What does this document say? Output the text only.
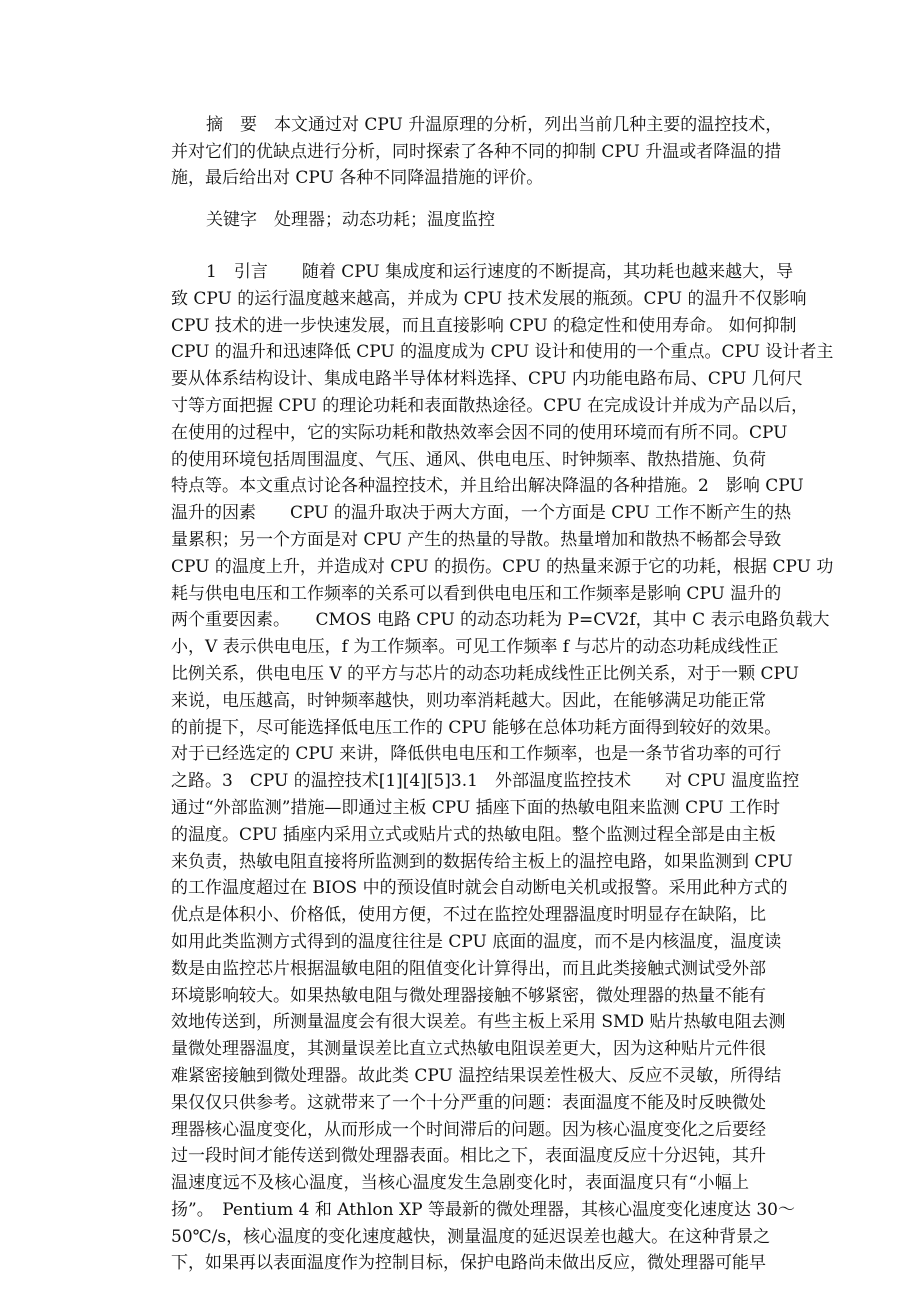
摘　要　本文通过对 CPU 升温原理的分析，列出当前几种主要的温控技术，
并对它们的优缺点进行分析，同时探索了各种不同的抑制 CPU 升温或者降温的措
施，最后给出对 CPU 各种不同降温措施的评价。
关键字　处理器；动态功耗；温度监控
1　引言　　随着 CPU 集成度和运行速度的不断提高，其功耗也越来越大，导
致 CPU 的运行温度越来越高，并成为 CPU 技术发展的瓶颈。CPU 的温升不仅影响
CPU 技术的进一步快速发展，而且直接影响 CPU 的稳定性和使用寿命。 如何抑制
CPU 的温升和迅速降低 CPU 的温度成为 CPU 设计和使用的一个重点。CPU 设计者主
要从体系结构设计、集成电路半导体材料选择、CPU 内功能电路布局、CPU 几何尺
寸等方面把握 CPU 的理论功耗和表面散热途径。CPU 在完成设计并成为产品以后，
在使用的过程中，它的实际功耗和散热效率会因不同的使用环境而有所不同。CPU
的使用环境包括周围温度、气压、通风、供电电压、时钟频率、散热措施、负荷
特点等。本文重点讨论各种温控技术，并且给出解决降温的各种措施。2　影响 CPU
温升的因素　　CPU 的温升取决于两大方面，一个方面是 CPU 工作不断产生的热
量累积；另一个方面是对 CPU 产生的热量的导散。热量增加和散热不畅都会导致
CPU 的温度上升，并造成对 CPU 的损伤。CPU 的热量来源于它的功耗，根据 CPU 功
耗与供电电压和工作频率的关系可以看到供电电压和工作频率是影响 CPU 温升的
两个重要因素。　　CMOS 电路 CPU 的动态功耗为 P=CV2f，其中 C 表示电路负载大
小，V 表示供电电压，f 为工作频率。可见工作频率 f 与芯片的动态功耗成线性正
比例关系，供电电压 V 的平方与芯片的动态功耗成线性正比例关系，对于一颗 CPU
来说，电压越高，时钟频率越快，则功率消耗越大。因此，在能够满足功能正常
的前提下，尽可能选择低电压工作的 CPU 能够在总体功耗方面得到较好的效果。
对于已经选定的 CPU 来讲，降低供电电压和工作频率，也是一条节省功率的可行
之路。3　CPU 的温控技术[1][4][5]3.1　外部温度监控技术　　对 CPU 温度监控
通过“外部监测”措施—即通过主板 CPU 插座下面的热敏电阻来监测 CPU 工作时
的温度。CPU 插座内采用立式或贴片式的热敏电阻。整个监测过程全部是由主板
来负责，热敏电阻直接将所监测到的数据传给主板上的温控电路，如果监测到 CPU
的工作温度超过在 BIOS 中的预设值时就会自动断电关机或报警。采用此种方式的
优点是体积小、价格低，使用方便，不过在监控处理器温度时明显存在缺陷，比
如用此类监测方式得到的温度往往是 CPU 底面的温度，而不是内核温度，温度读
数是由监控芯片根据温敏电阻的阻值变化计算得出，而且此类接触式测试受外部
环境影响较大。如果热敏电阻与微处理器接触不够紧密，微处理器的热量不能有
效地传送到，所测量温度会有很大误差。有些主板上采用 SMD 贴片热敏电阻去测
量微处理器温度，其测量误差比直立式热敏电阻误差更大，因为这种贴片元件很
难紧密接触到微处理器。故此类 CPU 温控结果误差性极大、反应不灵敏，所得结
果仅仅只供参考。这就带来了一个十分严重的问题：表面温度不能及时反映微处
理器核心温度变化，从而形成一个时间滞后的问题。因为核心温度变化之后要经
过一段时间才能传送到微处理器表面。相比之下，表面温度反应十分迟钝，其升
温速度远不及核心温度，当核心温度发生急剧变化时，表面温度只有“小幅上
扬”。　Pentium 4 和 Athlon XP 等最新的微处理器，其核心温度变化速度达 30～
50℃/s，核心温度的变化速度越快，测量温度的延迟误差也越大。在这种背景之
下，如果再以表面温度作为控制目标，保护电路尚未做出反应，微处理器可能早
